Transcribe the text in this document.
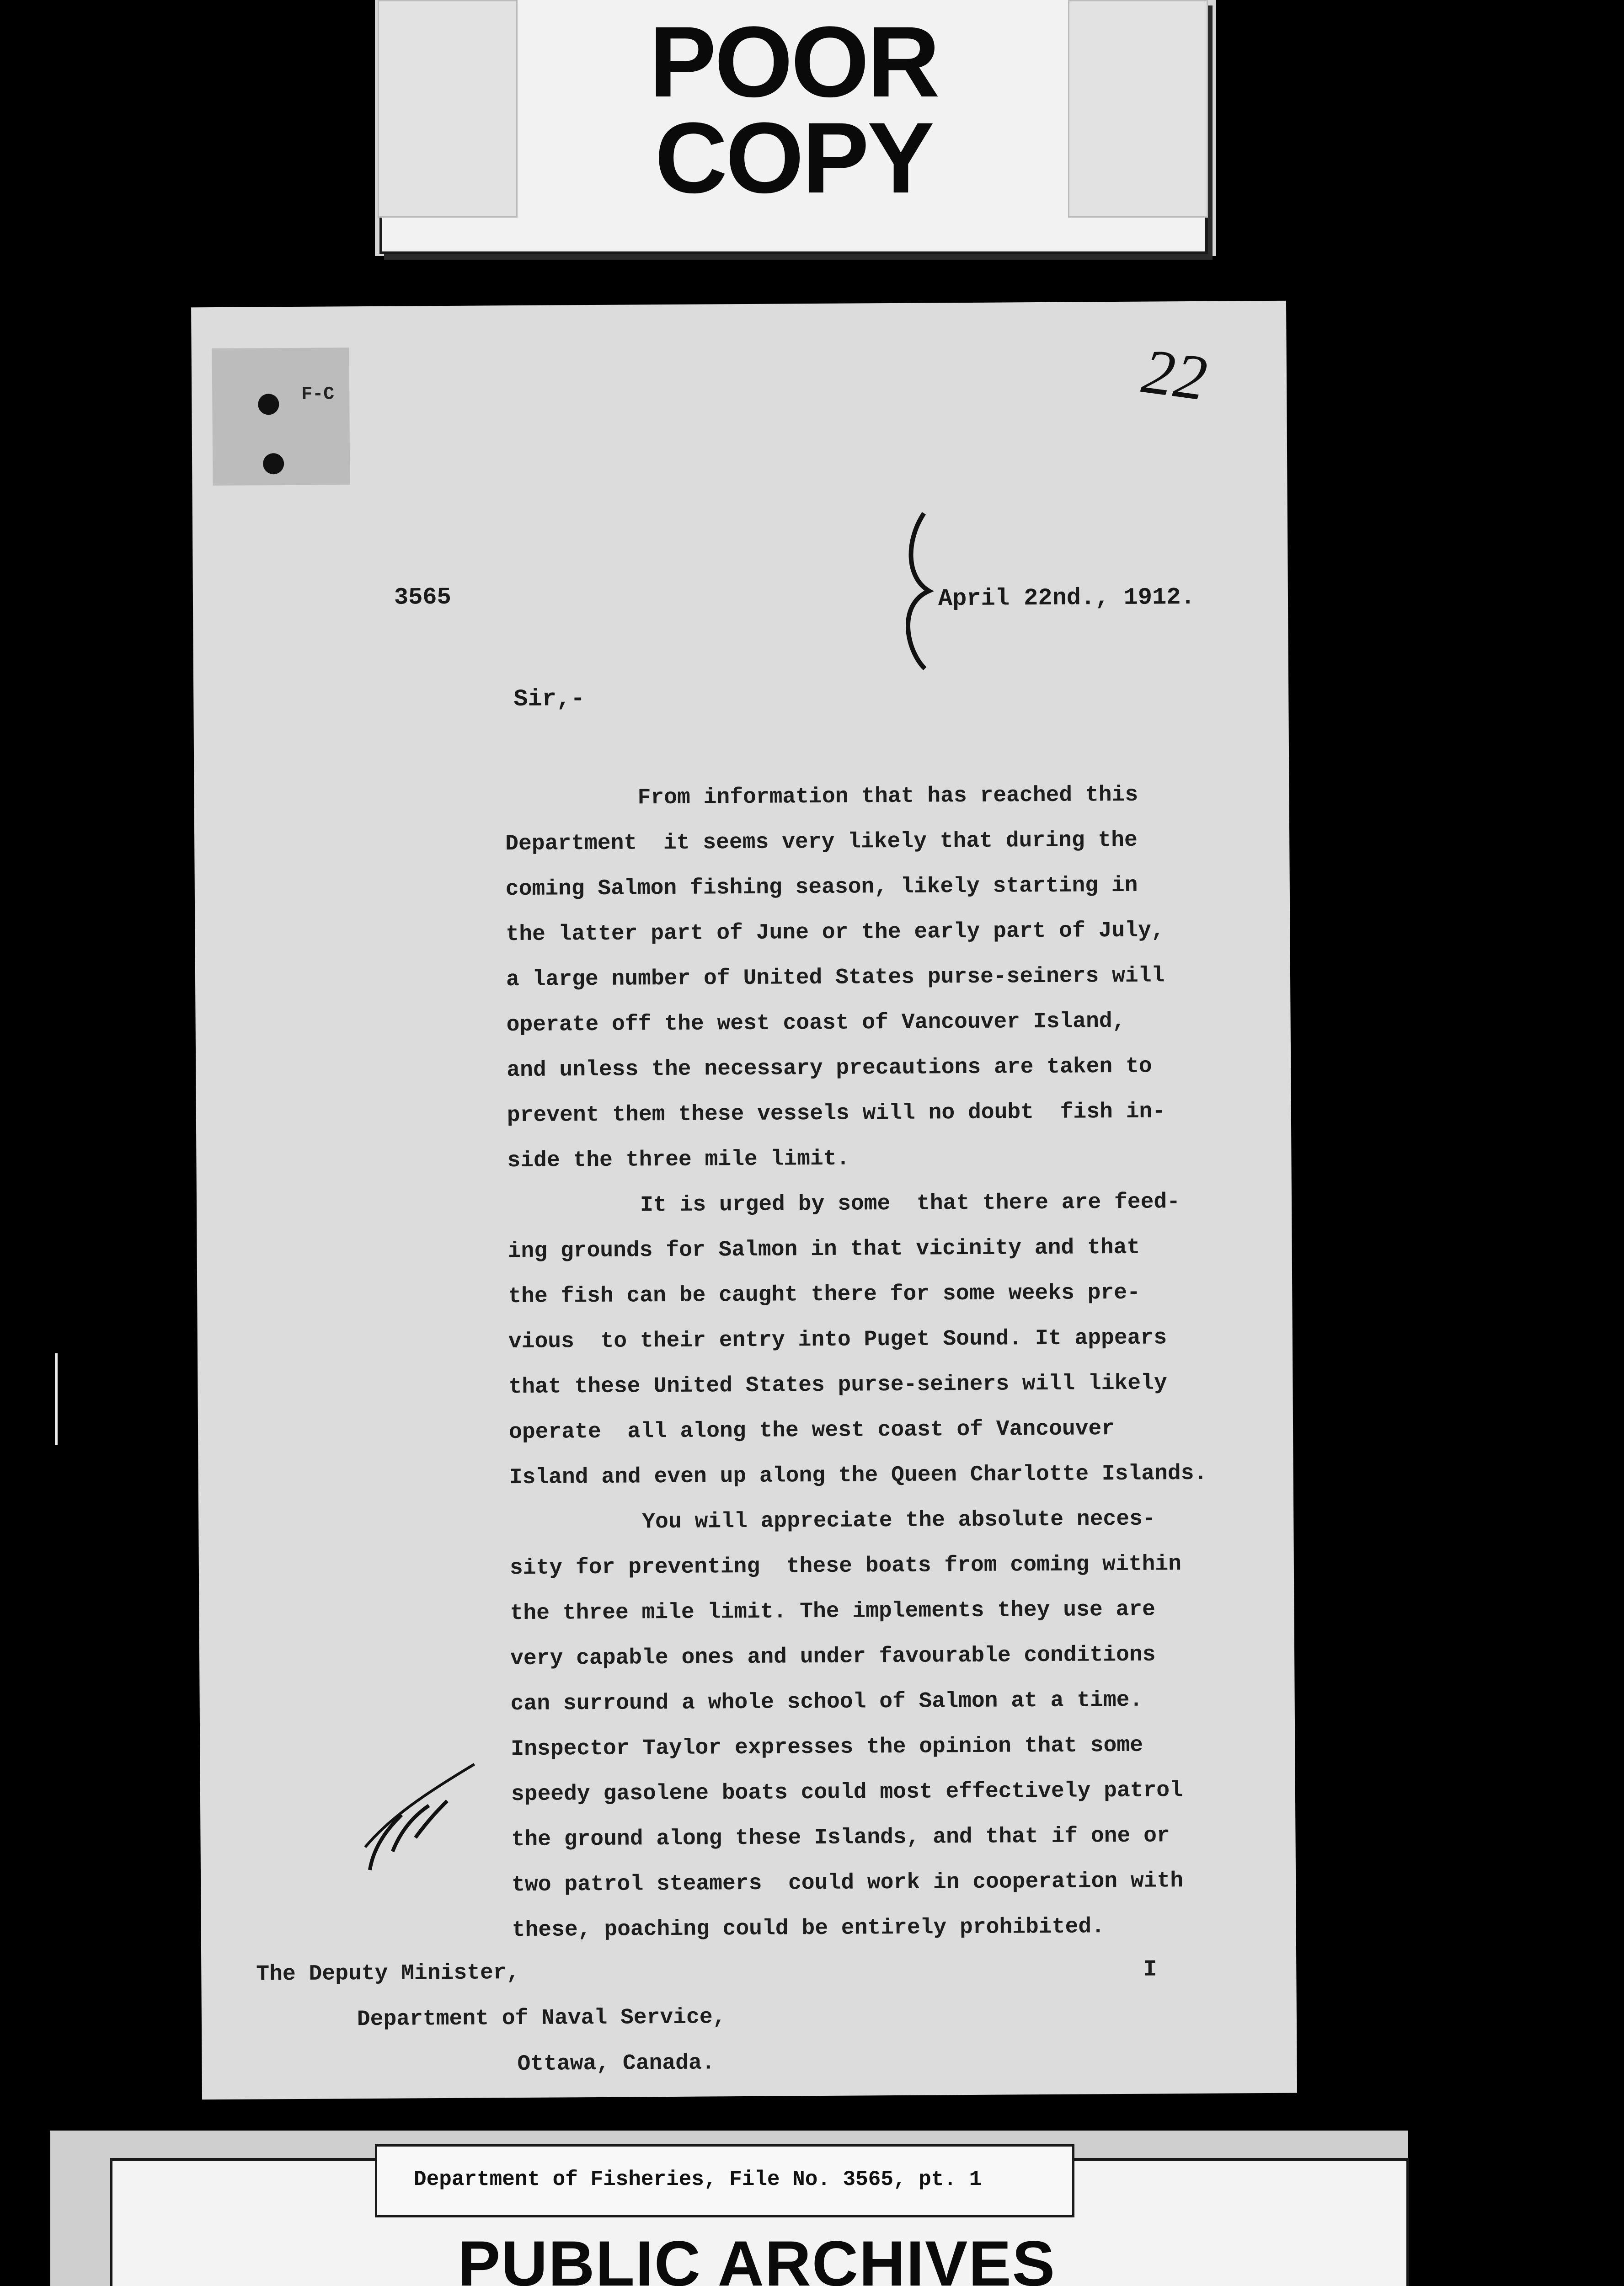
POOR
COPY
F-C	22
3565	April 22nd., 1912.
Sir,-
From information that has reached this
Department  it seems very likely that during the
coming Salmon fishing season, likely starting in
the latter part of June or the early part of July,
a large number of United States purse-seiners will
operate off the west coast of Vancouver Island,
and unless the necessary precautions are taken to
prevent them these vessels will no doubt  fish in-
side the three mile limit.
It is urged by some  that there are feed-
ing grounds for Salmon in that vicinity and that
the fish can be caught there for some weeks pre-
vious  to their entry into Puget Sound. It appears
that these United States purse-seiners will likely
operate  all along the west coast of Vancouver
Island and even up along the Queen Charlotte Islands.
You will appreciate the absolute neces-
sity for preventing  these boats from coming within
the three mile limit. The implements they use are
very capable ones and under favourable conditions
can surround a whole school of Salmon at a time.
Inspector Taylor expresses the opinion that some
speedy gasolene boats could most effectively patrol
the ground along these Islands, and that if one or
two patrol steamers  could work in cooperation with
these, poaching could be entirely prohibited.
The Deputy Minister,
Department of Naval Service,
Ottawa, Canada.
I
Department of Fisheries, File No. 3565, pt. 1
PUBLIC ARCHIVES
